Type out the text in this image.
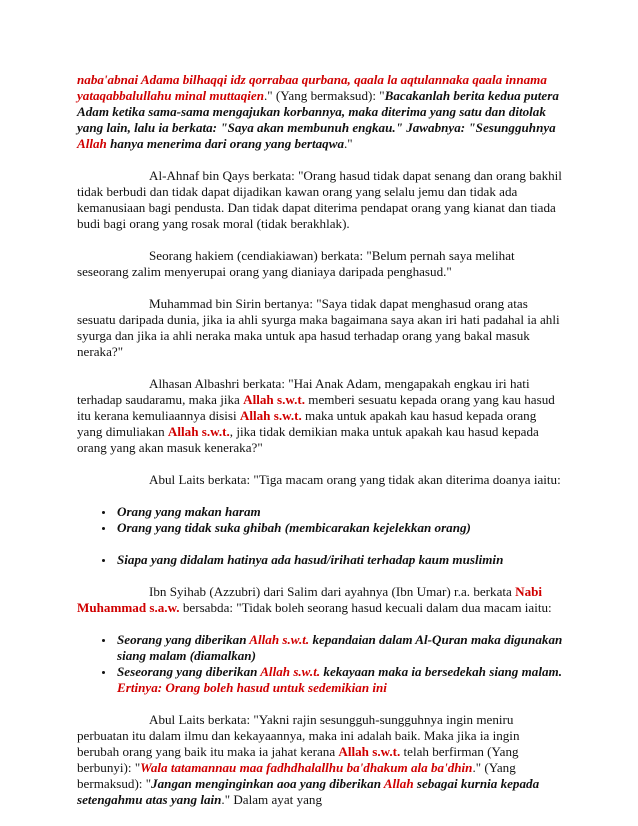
naba'abnai Adama bilhaqqi idz qorrabaa qurbana, qaala la aqtulannaka qaala innama yataqabbalullahu minal muttaqien." (Yang bermaksud): "Bacakanlah berita kedua putera Adam ketika sama-sama mengajukan korbannya, maka diterima yang satu dan ditolak yang lain, lalu ia berkata: "Saya akan membunuh engkau." Jawabnya: "Sesungguhnya Allah hanya menerima dari orang yang bertaqwa."

Al-Ahnaf bin Qays berkata: "Orang hasud tidak dapat senang dan orang bakhil tidak berbudi dan tidak dapat dijadikan kawan orang yang selalu jemu dan tidak ada kemanusiaan bagi pendusta. Dan tidak dapat diterima pendapat orang yang kianat dan tiada budi bagi orang yang rosak moral (tidak berakhlak).

Seorang hakiem (cendiakiawan) berkata: "Belum pernah saya melihat seseorang zalim menyerupai orang yang dianiaya daripada penghasud."

Muhammad bin Sirin bertanya: "Saya tidak dapat menghasud orang atas sesuatu daripada dunia, jika ia ahli syurga maka bagaimana saya akan iri hati padahal ia ahli syurga dan jika ia ahli neraka maka untuk apa hasud terhadap orang yang bakal masuk neraka?"

Alhasan Albashri berkata: "Hai Anak Adam, mengapakah engkau iri hati terhadap saudaramu, maka jika Allah s.w.t. memberi sesuatu kepada orang yang kau hasud itu kerana kemuliaannya disisi Allah s.w.t. maka untuk apakah kau hasud kepada orang yang dimuliakan Allah s.w.t., jika tidak demikian maka untuk apakah kau hasud kepada orang yang akan masuk keneraka?"

Abul Laits berkata: "Tiga macam orang yang tidak akan diterima doanya iaitu:

• Orang yang makan haram
• Orang yang tidak suka ghibah (membicarakan kejelekkan orang)
• Siapa yang didalam hatinya ada hasud/irihati terhadap kaum muslimin

Ibn Syihab (Azzubri) dari Salim dari ayahnya (Ibn Umar) r.a. berkata Nabi Muhammad s.a.w. bersabda: "Tidak boleh seorang hasud kecuali dalam dua macam iaitu:

• Seorang yang diberikan Allah s.w.t. kepandaian dalam Al-Quran maka digunakan siang malam (diamalkan)
• Seseorang yang diberikan Allah s.w.t. kekayaan maka ia bersedekah siang malam.
Ertinya: Orang boleh hasud untuk sedemikian ini

Abul Laits berkata: "Yakni rajin sesungguh-sungguhnya ingin meniru perbuatan itu dalam ilmu dan kekayaannya, maka ini adalah baik. Maka jika ia ingin berubah orang yang baik itu maka ia jahat kerana Allah s.w.t. telah berfirman (Yang berbunyi): "Wala tatamannau maa fadhdhalallhu ba'dhakum ala ba'dhin." (Yang bermaksud): "Jangan menginginkan aoa yang diberikan Allah sebagai kurnia kepada setengahmu atas yang lain." Dalam ayat yang
